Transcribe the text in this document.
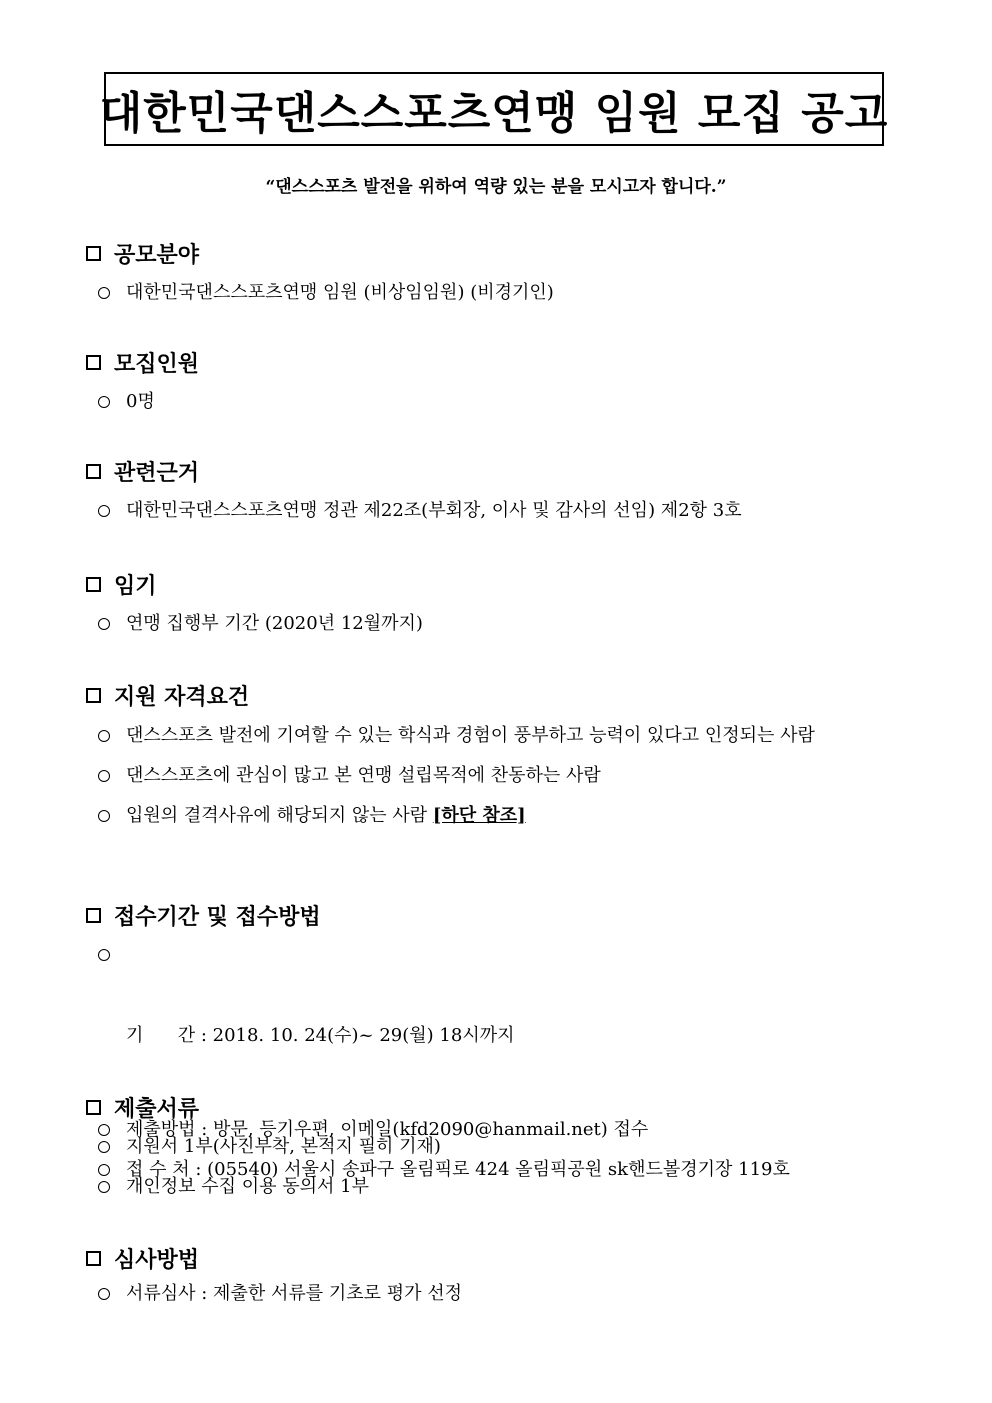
대한민국댄스스포츠연맹 임원 모집 공고
“댄스스포츠 발전을 위하여 역량 있는 분을 모시고자 합니다.”
공모분야
대한민국댄스스포츠연맹 임원 (비상임임원) (비경기인)
모집인원
0명
관련근거
대한민국댄스스포츠연맹 정관 제22조(부회장, 이사 및 감사의 선임) 제2항 3호
임기
연맹 집행부 기간 (2020년 12월까지)
지원 자격요건
댄스스포츠 발전에 기여할 수 있는 학식과 경험이 풍부하고 능력이 있다고 인정되는 사람
댄스스포츠에 관심이 많고 본 연맹 설립목적에 찬동하는 사람
입원의 결격사유에 해당되지 않는 사람 [하단 참조]
접수기간 및 접수방법

기      간 : 2018. 10. 24(수)~ 29(월) 18시까지

제출방법 : 방문, 등기우편, 이메일(kfd2090@hanmail.net) 접수
접 수 처 : (05540) 서울시 송파구 올림픽로 424 올림픽공원 sk핸드볼경기장 119호
제출서류
지원서 1부(사진부착, 본적지 필히 기재)
개인정보 수집 이용 동의서 1부
심사방법
서류심사 : 제출한 서류를 기초로 평가 선정
